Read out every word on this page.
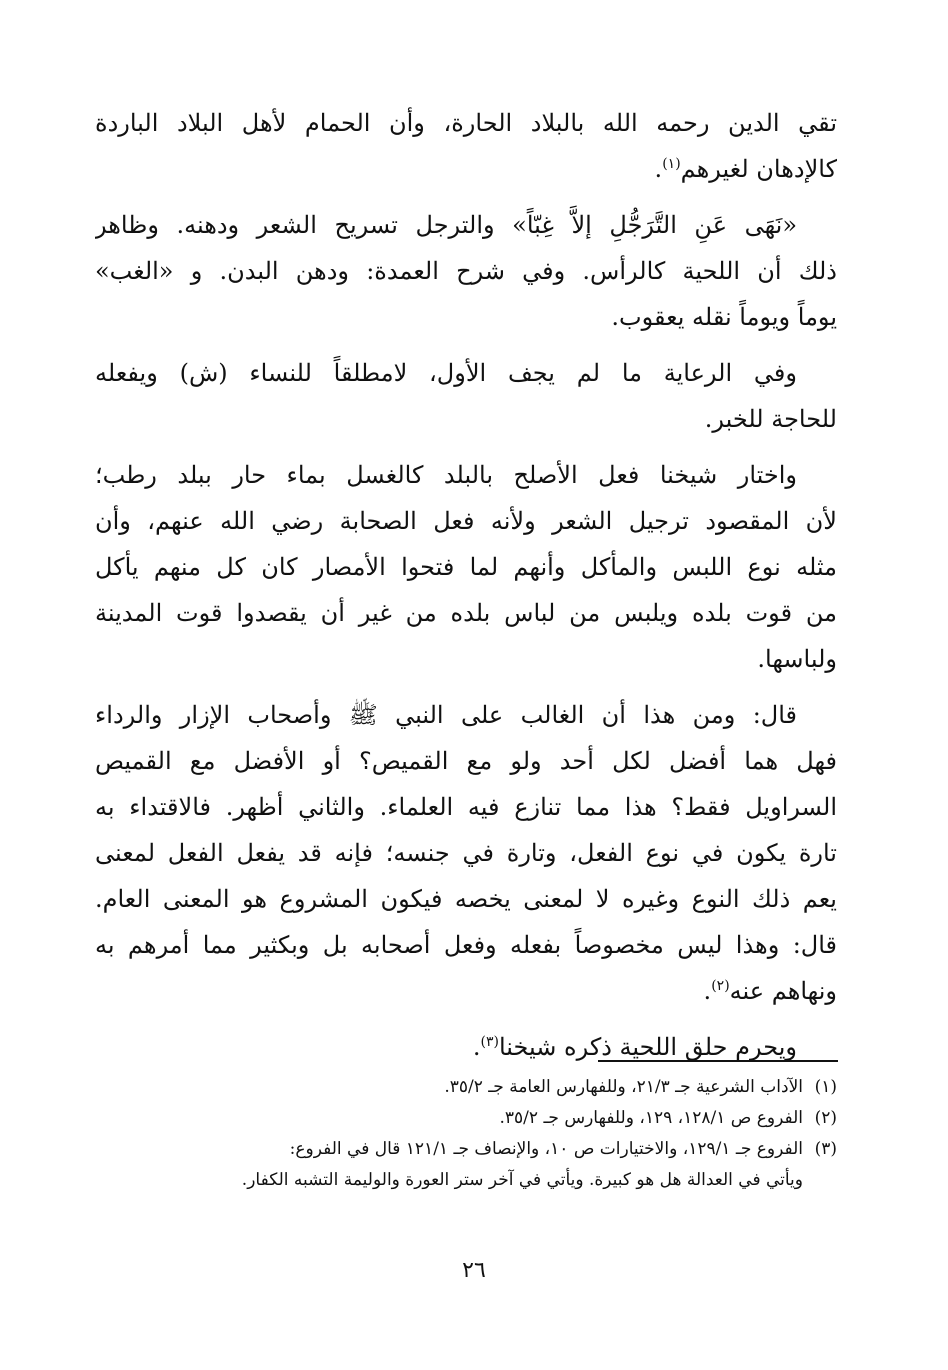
تقي الدين رحمه الله بالبلاد الحارة، وأن الحمام لأهل البلاد الباردة
كالإدهان لغيرهم$^{(١)}$.

«نَهَى عَنِ التَّرَجُّلِ إلاَّ غِبّاً» والترجل تسريح الشعر ودهنه. وظاهر
ذلك أن اللحية كالرأس. وفي شرح العمدة: ودهن البدن. و «الغب»
يوماً ويوماً نقله يعقوب.

وفي الرعاية ما لم يجف الأول، لامطلقاً للنساء (ش) ويفعله
للحاجة للخبر.

واختار شيخنا فعل الأصلح بالبلد كالغسل بماء حار ببلد رطب؛
لأن المقصود ترجيل الشعر ولأنه فعل الصحابة رضي الله عنهم، وأن
مثله نوع اللبس والمأكل وأنهم لما فتحوا الأمصار كان كل منهم يأكل
من قوت بلده ويلبس من لباس بلده من غير أن يقصدوا قوت المدينة
ولباسها.

قال: ومن هذا أن الغالب على النبي ﷺ وأصحاب الإزار والرداء
فهل هما أفضل لكل أحد ولو مع القميص؟ أو الأفضل مع القميص
السراويل فقط؟ هذا مما تنازع فيه العلماء. والثاني أظهر. فالاقتداء به
تارة يكون في نوع الفعل، وتارة في جنسه؛ فإنه قد يفعل الفعل لمعنى
يعم ذلك النوع وغيره لا لمعنى يخصه فيكون المشروع هو المعنى العام.
قال: وهذا ليس مخصوصاً بفعله وفعل أصحابه بل وبكثير مما أمرهم به
ونهاهم عنه$^{(٢)}$.

ويحرم حلق اللحية ذكره شيخنا$^{(٣)}$.

(١)
الآداب الشرعية جـ ٢١/٣، وللفهارس العامة جـ ٣٥/٢.
(٢)
الفروع ص ١٢٨/١، ١٢٩، وللفهارس جـ ٣٥/٢.
(٣)
الفروع جـ ١٢٩/١، والاختيارات ص ١٠، والإنصاف جـ ١٢١/١ قال في الفروع:
ويأتي في العدالة هل هو كبيرة. ويأتي في آخر ستر العورة والوليمة التشبه الكفار.
٢٦
